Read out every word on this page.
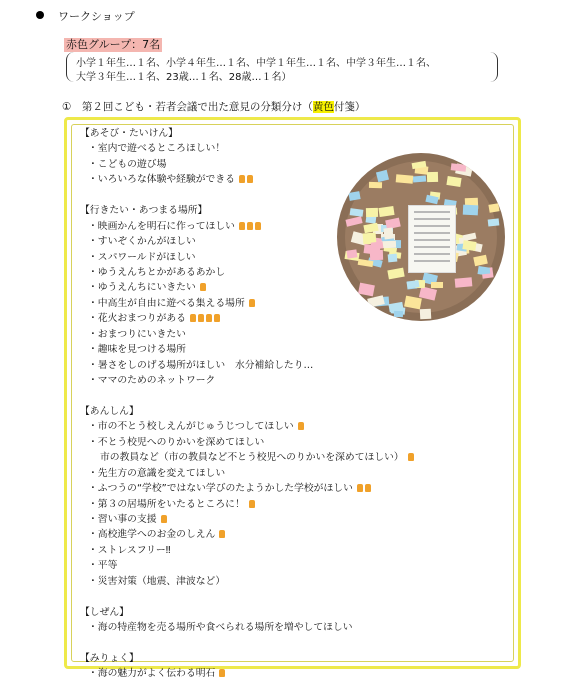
ワークショップ
赤色グループ：7名
小学１年生…１名、小学４年生…１名、中学１年生…１名、中学３年生…１名、
大学３年生…１名、23歳…１名、28歳…１名）
①　第２回こども・若者会議で出た意見の分類分け（黄色付箋）
【あそび・たいけん】
・室内で遊べるところほしい！
・こどもの遊び場
・いろいろな体験や経験ができる
【行きたい・あつまる場所】
・映画かんを明石に作ってほしい
・すいぞくかんがほしい
・スパワールドがほしい
・ゆうえんちとかがあるあかし
・ゆうえんちにいきたい
・中高生が自由に遊べる集える場所
・花火おまつりがある
・おまつりにいきたい
・趣味を見つける場所
・暑さをしのげる場所がほしい　水分補給したり…
・ママのためのネットワーク
【あんしん】
・市の不とう校しえんがじゅうじつしてほしい
・不とう校児へのりかいを深めてほしい
市の教員など（市の教員など不とう校児へのりかいを深めてほしい）
・先生方の意識を変えてほしい
・ふつうの“学校”ではない学びのたようかした学校がほしい
・第３の居場所をいたるところに！
・習い事の支援
・高校進学へのお金のしえん
・ストレスフリー‼
・平等
・災害対策（地震、津波など）
【しぜん】
・海の特産物を売る場所や食べられる場所を増やしてほしい
【みりょく】
・海の魅力がよく伝わる明石
